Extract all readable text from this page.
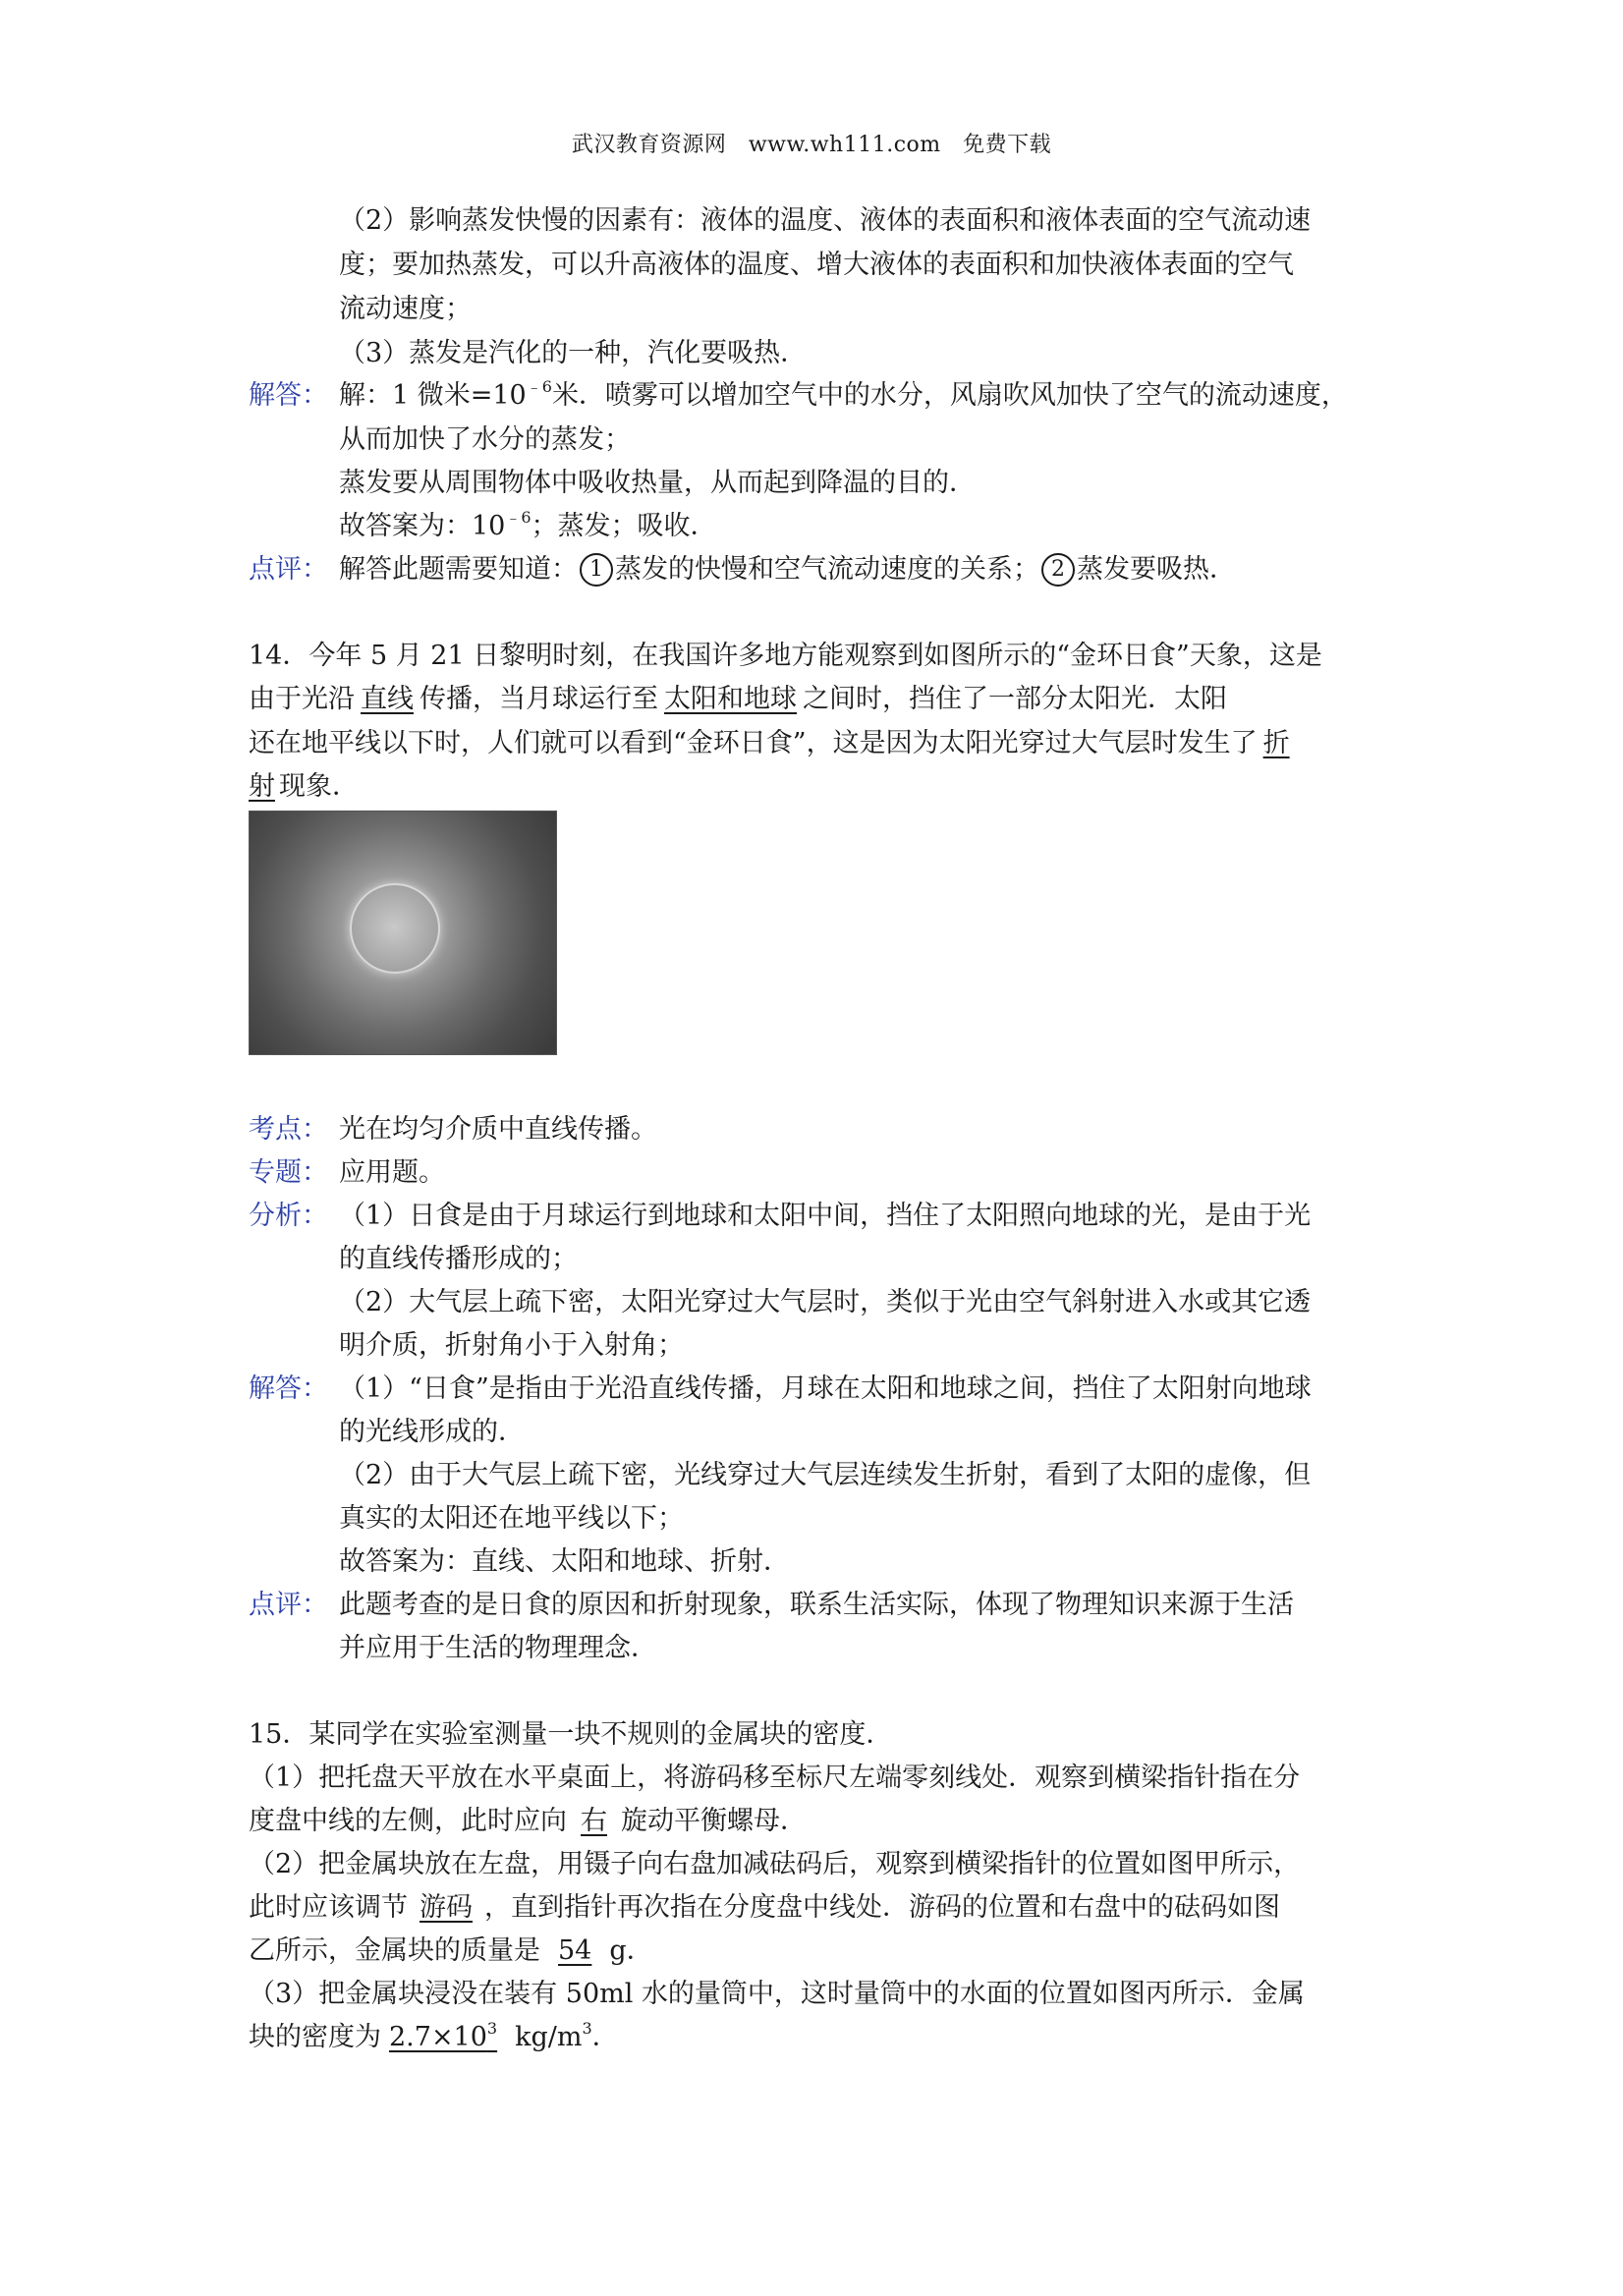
武汉教育资源网　www.wh111.com　免费下载
（2）影响蒸发快慢的因素有：液体的温度、液体的表面积和液体表面的空气流动速
度；要加热蒸发，可以升高液体的温度、增大液体的表面积和加快液体表面的空气
流动速度；
（3）蒸发是汽化的一种，汽化要吸热．
解答： 解：1 微米$=10^{﹣6}$米．喷雾可以增加空气中的水分，风扇吹风加快了空气的流动速度，
从而加快了水分的蒸发；
蒸发要从周围物体中吸收热量，从而起到降温的目的．
故答案为：$10^{﹣6}$；蒸发；吸收．
点评： 解答此题需要知道： 1 蒸发的快慢和空气流动速度的关系； 2 蒸发要吸热．
14．今年 5 月 21 日黎明时刻，在我国许多地方能观察到如图所示的“金环日食”天象，这是
由于光沿 直线 传播，当月球运行至 太阳和地球 之间时，挡住了一部分太阳光．太阳
还在地平线以下时，人们就可以看到“金环日食”，这是因为太阳光穿过大气层时发生了 折
射 现象．
考点： 光在均匀介质中直线传播。
专题： 应用题。
分析： （1）日食是由于月球运行到地球和太阳中间，挡住了太阳照向地球的光，是由于光
的直线传播形成的；
（2）大气层上疏下密，太阳光穿过大气层时，类似于光由空气斜射进入水或其它透
明介质，折射角小于入射角；
解答： （1）“日食”是指由于光沿直线传播，月球在太阳和地球之间，挡住了太阳射向地球
的光线形成的．
（2）由于大气层上疏下密，光线穿过大气层连续发生折射，看到了太阳的虚像，但
真实的太阳还在地平线以下；
故答案为：直线、太阳和地球、折射．
点评： 此题考查的是日食的原因和折射现象，联系生活实际，体现了物理知识来源于生活
并应用于生活的物理理念．
15．某同学在实验室测量一块不规则的金属块的密度．
（1）把托盘天平放在水平桌面上，将游码移至标尺左端零刻线处．观察到横梁指针指在分
度盘中线的左侧，此时应向 右 旋动平衡螺母．
（2）把金属块放在左盘，用镊子向右盘加减砝码后，观察到横梁指针的位置如图甲所示，
此时应该调节 游码 ，直到指针再次指在分度盘中线处．游码的位置和右盘中的砝码如图
乙所示，金属块的质量是 54 g．
（3）把金属块浸没在装有 50ml 水的量筒中，这时量筒中的水面的位置如图丙所示．金属
块的密度为 $2.7\times 10^3$ $kg/m^3$．
